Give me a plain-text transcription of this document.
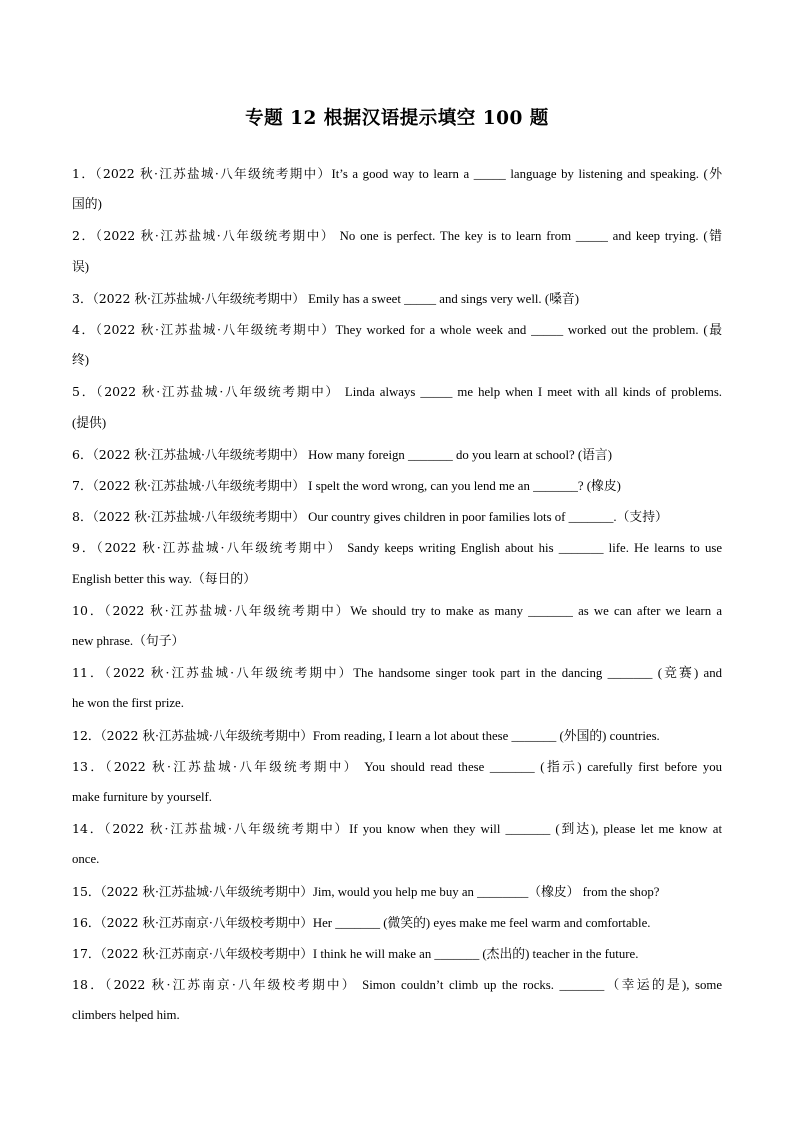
专题 12 根据汉语提示填空 100 题
1．（2022 秋·江苏盐城·八年级统考期中）It’s a good way to learn a _____ language by listening and speaking. (外
国的)
2．（2022 秋·江苏盐城·八年级统考期中） No one is perfect. The key is to learn from _____ and keep trying. (错
误)
3．（2022 秋·江苏盐城·八年级统考期中） Emily has a sweet _____ and sings very well. (嗓音)
4．（2022 秋·江苏盐城·八年级统考期中）They worked for a whole week and _____ worked out the problem. (最
终)
5．（2022 秋·江苏盐城·八年级统考期中） Linda always _____ me help when I meet with all kinds of problems.
(提供)
6．（2022 秋·江苏盐城·八年级统考期中） How many foreign _______ do you learn at school? (语言)
7．（2022 秋·江苏盐城·八年级统考期中） I spelt the word wrong, can you lend me an _______? (橡皮)
8．（2022 秋·江苏盐城·八年级统考期中） Our country gives children in poor families lots of _______.（支持）
9．（2022 秋·江苏盐城·八年级统考期中） Sandy keeps writing English about his _______ life. He learns to use
English better this way.（每日的）
10．（2022 秋·江苏盐城·八年级统考期中）We should try to make as many _______ as we can after we learn a
new phrase.（句子）
11．（2022 秋·江苏盐城·八年级统考期中）The handsome singer took part in the dancing _______ (竞赛) and
he won the first prize.
12．（2022 秋·江苏盐城·八年级统考期中）From reading, I learn a lot about these _______ (外国的) countries.
13．（2022 秋·江苏盐城·八年级统考期中） You should read these _______ (指示) carefully first before you
make furniture by yourself.
14．（2022 秋·江苏盐城·八年级统考期中）If you know when they will _______ (到达), please let me know at
once.
15．（2022 秋·江苏盐城·八年级统考期中）Jim, would you help me buy an ________（橡皮） from the shop?
16．（2022 秋·江苏南京·八年级校考期中）Her _______ (微笑的) eyes make me feel warm and comfortable.
17．（2022 秋·江苏南京·八年级校考期中）I think he will make an _______ (杰出的) teacher in the future.
18．（2022 秋·江苏南京·八年级校考期中） Simon couldn’t climb up the rocks. _______（幸运的是), some
climbers helped him.
